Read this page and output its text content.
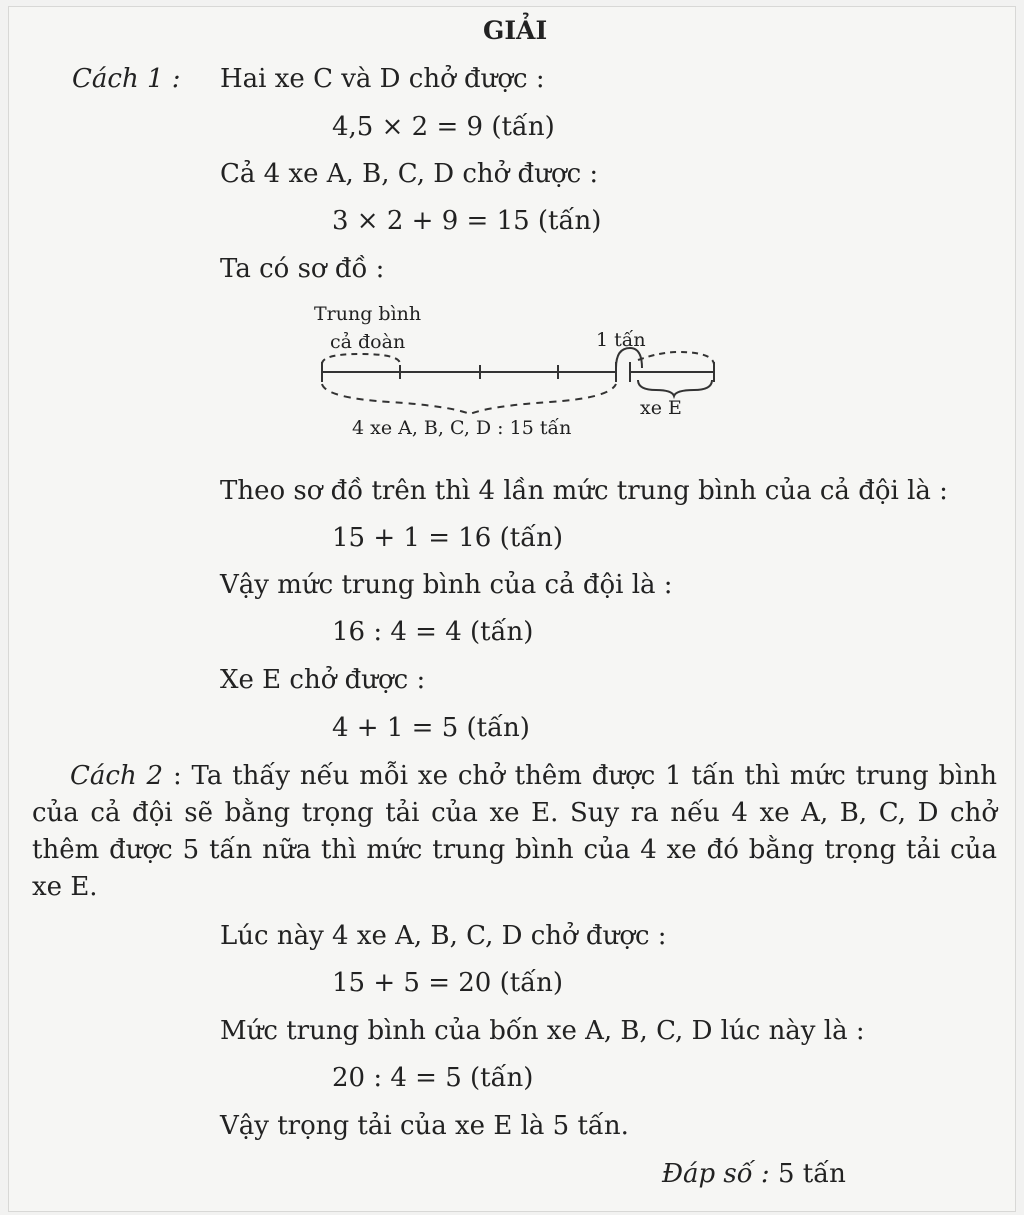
GIẢI
Cách 1 : Hai xe C và D chở được :
4,5 × 2 = 9 (tấn)
Cả 4 xe A, B, C, D chở được :
3 × 2 + 9 = 15 (tấn)
Ta có sơ đồ :
Trung bình
cả đoàn	1 tấn
xe E
4 xe A, B, C, D : 15 tấn
Theo sơ đồ trên thì 4 lần mức trung bình của cả đội là :
15 + 1 = 16 (tấn)
Vậy mức trung bình của cả đội là :
16 : 4 = 4 (tấn)
Xe E chở được :
4 + 1 = 5 (tấn)
Cách 2 : Ta thấy nếu mỗi xe chở thêm được 1 tấn thì mức trung bình của cả đội sẽ bằng trọng tải của xe E. Suy ra nếu 4 xe A, B, C, D chở thêm được 5 tấn nữa thì mức trung bình của 4 xe đó bằng trọng tải của xe E.
Lúc này 4 xe A, B, C, D chở được :
15 + 5 = 20 (tấn)
Mức trung bình của bốn xe A, B, C, D lúc này là :
20 : 4 = 5 (tấn)
Vậy trọng tải của xe E là 5 tấn.
Đáp số : 5 tấn
